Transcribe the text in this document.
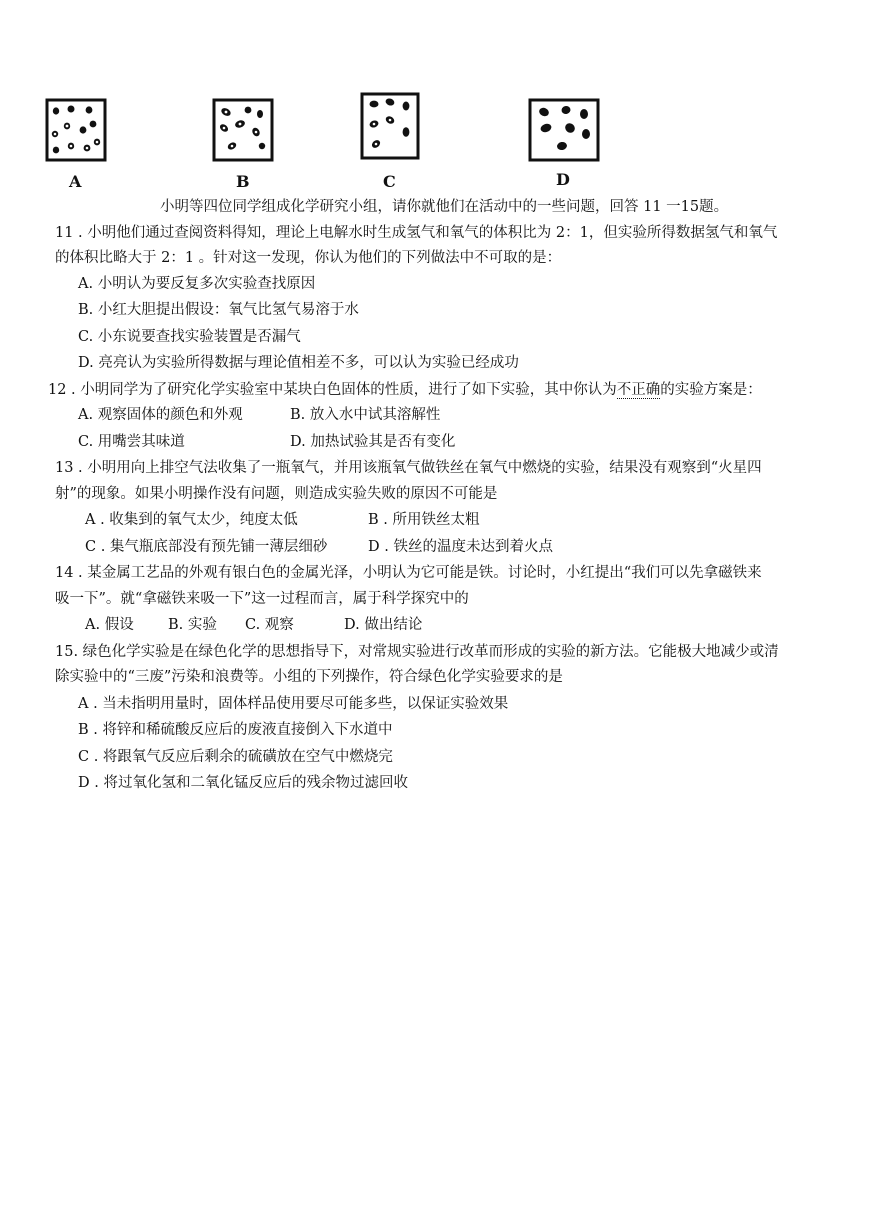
A	B	C	D
小明等四位同学组成化学研究小组，请你就他们在活动中的一些问题，回答 11 一15题。
11 . 小明他们通过查阅资料得知，理论上电解水时生成氢气和氧气的体积比为 2：1，但实验所得数据氢气和氧气
的体积比略大于 2：1 。针对这一发现，你认为他们的下列做法中不可取的是：
A. 小明认为要反复多次实验查找原因
B. 小红大胆提出假设：氧气比氢气易溶于水
C. 小东说要查找实验装置是否漏气
D. 亮亮认为实验所得数据与理论值相差不多，可以认为实验已经成功
12 . 小明同学为了研究化学实验室中某块白色固体的性质，进行了如下实验，其中你认为不正确的实验方案是：
A. 观察固体的颜色和外观	B. 放入水中试其溶解性
C. 用嘴尝其味道	D. 加热试验其是否有变化
13 . 小明用向上排空气法收集了一瓶氧气，并用该瓶氧气做铁丝在氧气中燃烧的实验，结果没有观察到“火星四
射”的现象。如果小明操作没有问题，则造成实验失败的原因不可能是
A . 收集到的氧气太少，纯度太低	B . 所用铁丝太粗
C . 集气瓶底部没有预先铺一薄层细砂	D . 铁丝的温度未达到着火点
14 . 某金属工艺品的外观有银白色的金属光泽，小明认为它可能是铁。讨论时，小红提出“我们可以先拿磁铁来
吸一下”。就“拿磁铁来吸一下”这一过程而言，属于科学探究中的
A. 假设 B. 实验 C. 观察	D. 做出结论
15. 绿色化学实验是在绿色化学的思想指导下，对常规实验进行改革而形成的实验的新方法。它能极大地减少或清
除实验中的“三废”污染和浪费等。小组的下列操作，符合绿色化学实验要求的是
A . 当未指明用量时，固体样品使用要尽可能多些，以保证实验效果
B . 将锌和稀硫酸反应后的废液直接倒入下水道中
C . 将跟氧气反应后剩余的硫磺放在空气中燃烧完
D . 将过氧化氢和二氧化锰反应后的残余物过滤回收
